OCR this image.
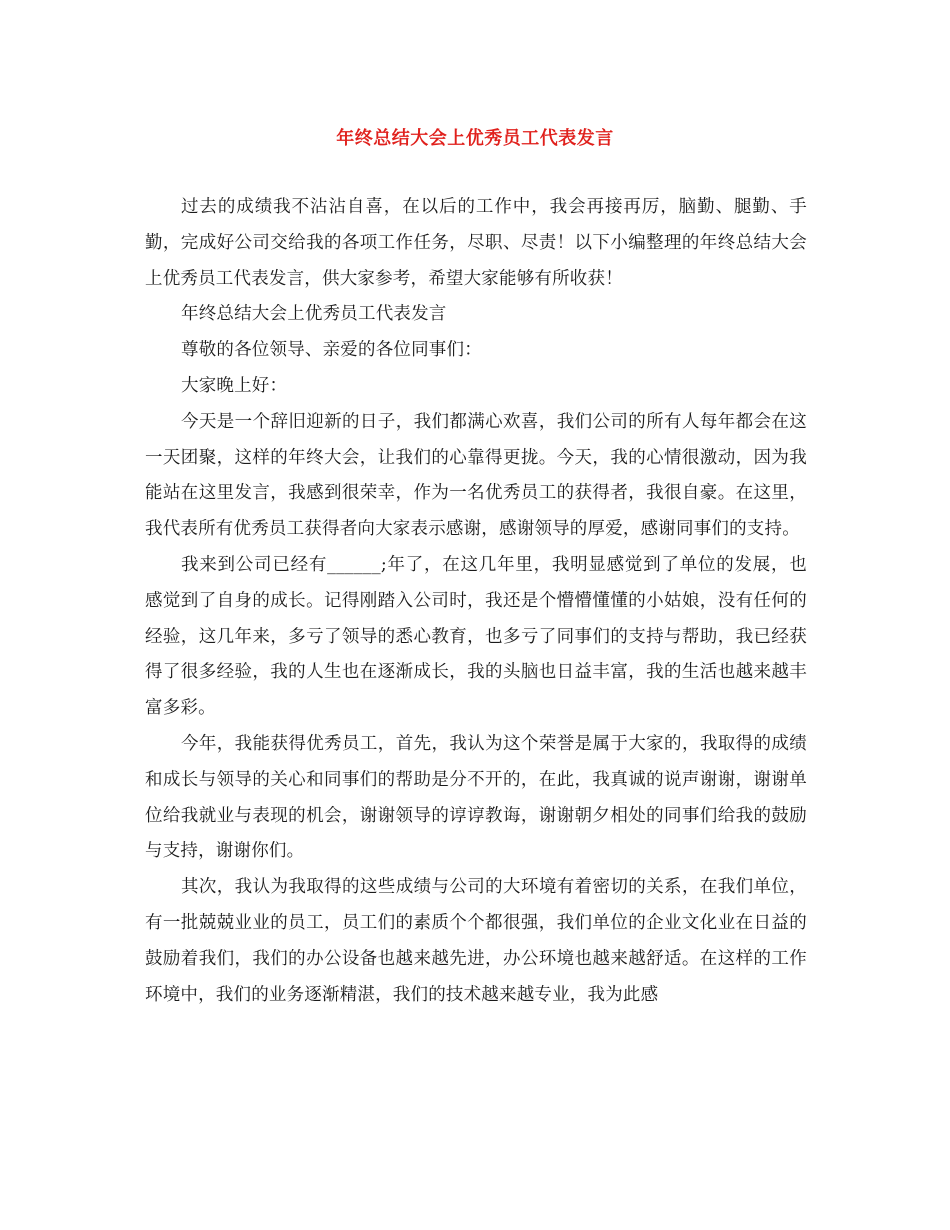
年终总结大会上优秀员工代表发言

过去的成绩我不沾沾自喜，在以后的工作中，我会再接再厉，脑勤、腿勤、手勤，完成好公司交给我的各项工作任务，尽职、尽责！以下小编整理的年终总结大会上优秀员工代表发言，供大家参考，希望大家能够有所收获！

年终总结大会上优秀员工代表发言

尊敬的各位领导、亲爱的各位同事们：

大家晚上好：

今天是一个辞旧迎新的日子，我们都满心欢喜，我们公司的所有人每年都会在这一天团聚，这样的年终大会，让我们的心靠得更拢。今天，我的心情很激动，因为我能站在这里发言，我感到很荣幸，作为一名优秀员工的获得者，我很自豪。在这里，我代表所有优秀员工获得者向大家表示感谢，感谢领导的厚爱，感谢同事们的支持。

我来到公司已经有______;年了，在这几年里，我明显感觉到了单位的发展，也感觉到了自身的成长。记得刚踏入公司时，我还是个懵懵懂懂的小姑娘，没有任何的经验，这几年来，多亏了领导的悉心教育，也多亏了同事们的支持与帮助，我已经获得了很多经验，我的人生也在逐渐成长，我的头脑也日益丰富，我的生活也越来越丰富多彩。

今年，我能获得优秀员工，首先，我认为这个荣誉是属于大家的，我取得的成绩和成长与领导的关心和同事们的帮助是分不开的，在此，我真诚的说声谢谢，谢谢单位给我就业与表现的机会，谢谢领导的谆谆教诲，谢谢朝夕相处的同事们给我的鼓励与支持，谢谢你们。

其次，我认为我取得的这些成绩与公司的大环境有着密切的关系，在我们单位，有一批兢兢业业的员工，员工们的素质个个都很强，我们单位的企业文化业在日益的鼓励着我们，我们的办公设备也越来越先进，办公环境也越来越舒适。在这样的工作环境中，我们的业务逐渐精湛，我们的技术越来越专业，我为此感
